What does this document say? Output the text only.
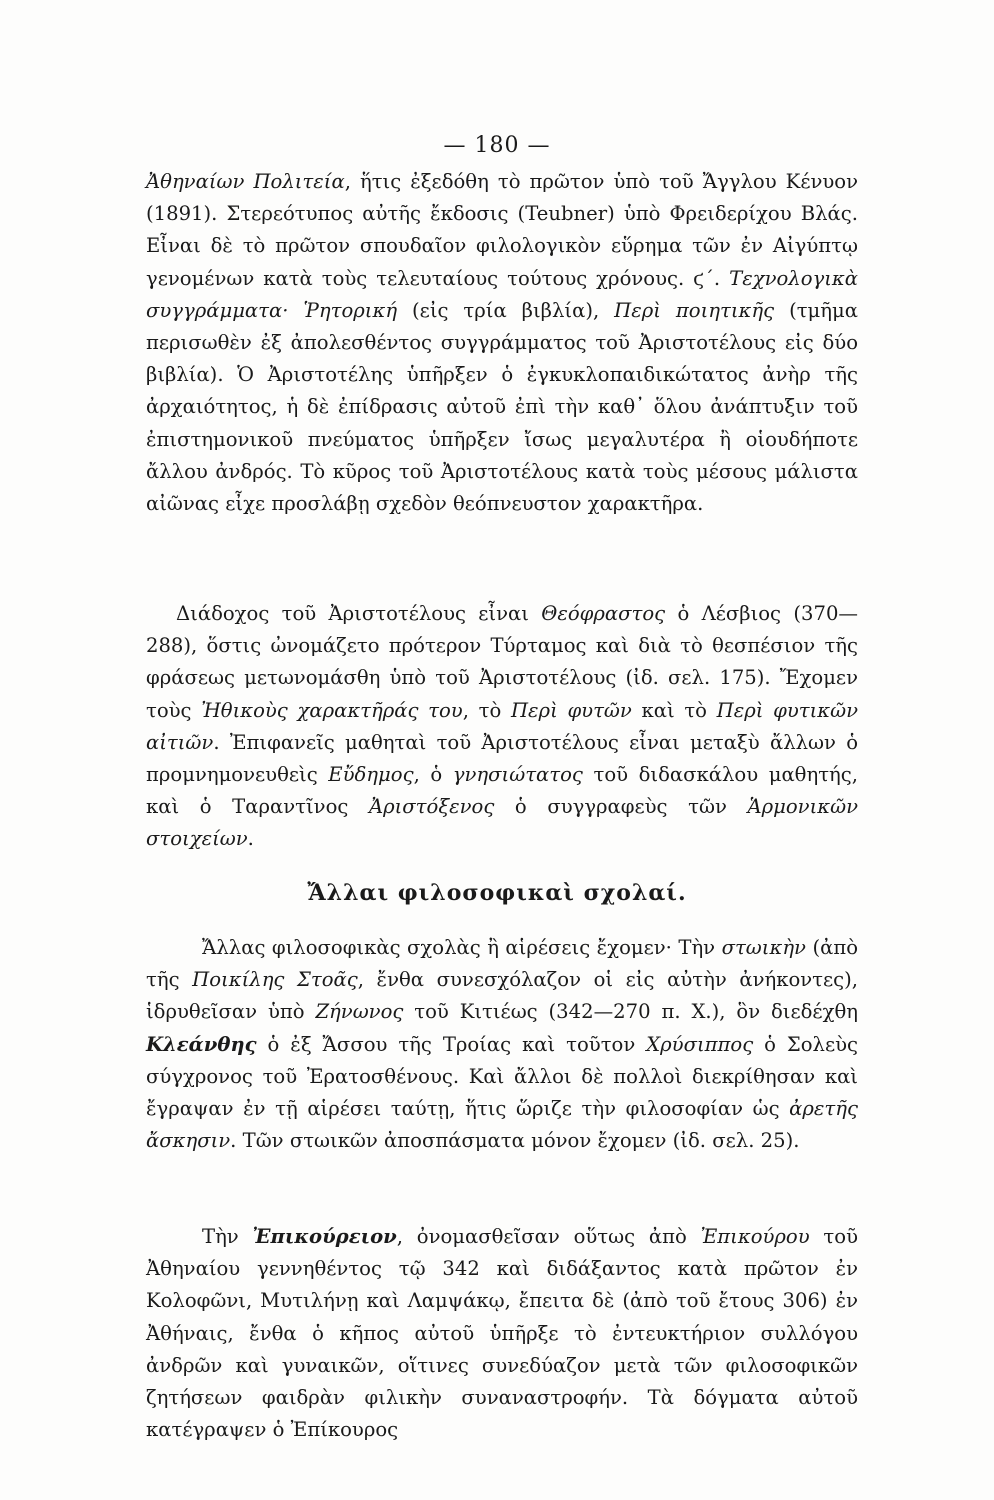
— 180 —
Ἀθηναίων Πολιτεία, ἥτις ἐξεδόθη τὸ πρῶτον ὑπὸ τοῦ Ἄγγλου Κένυον (1891). Στερεότυπος αὐτῆς ἔκδοσις (Teubner) ὑπὸ Φρειδερίχου Βλάς. Εἶναι δὲ τὸ πρῶτον σπουδαῖον φιλολογικὸν εὕρημα τῶν ἐν Αἰγύπτῳ γενομένων κατὰ τοὺς τελευταίους τούτους χρόνους. ϛ΄. Τεχνολογικὰ συγγράμματα· Ῥητορική (εἰς τρία βιβλία), Περὶ ποιητικῆς (τμῆμα περισωθὲν ἐξ ἀπολεσθέντος συγγράμματος τοῦ Ἀριστοτέλους εἰς δύο βιβλία). Ὁ Ἀριστοτέλης ὑπῆρξεν ὁ ἐγκυκλοπαιδικώτατος ἀνὴρ τῆς ἀρχαιότητος, ἡ δὲ ἐπίδρασις αὐτοῦ ἐπὶ τὴν καθ᾽ ὅλου ἀνάπτυξιν τοῦ ἐπιστημονικοῦ πνεύματος ὑπῆρξεν ἴσως μεγαλυτέρα ἢ οἱουδήποτε ἄλλου ἀνδρός. Τὸ κῦρος τοῦ Ἀριστοτέλους κατὰ τοὺς μέσους μάλιστα αἰῶνας εἶχε προσλάβῃ σχεδὸν θεόπνευστον χαρακτῆρα.
Διάδοχος τοῦ Ἀριστοτέλους εἶναι Θεόφραστος ὁ Λέσβιος (370—288), ὅστις ὠνομάζετο πρότερον Τύρταμος καὶ διὰ τὸ θεσπέσιον τῆς φράσεως μετωνομάσθη ὑπὸ τοῦ Ἀριστοτέλους (ἰδ. σελ. 175). Ἔχομεν τοὺς Ἠθικοὺς χαρακτῆράς του, τὸ Περὶ φυτῶν καὶ τὸ Περὶ φυτικῶν αἰτιῶν. Ἐπιφανεῖς μαθηταὶ τοῦ Ἀριστοτέλους εἶναι μεταξὺ ἄλλων ὁ προμνημονευθεὶς Εὔδημος, ὁ γνησιώτατος τοῦ διδασκάλου μαθητής, καὶ ὁ Ταραντῖνος Ἀριστόξενος ὁ συγγραφεὺς τῶν Ἁρμονικῶν στοιχείων.
Ἄλλαι φιλοσοφικαὶ σχολαί.
Ἄλλας φιλοσοφικὰς σχολὰς ἢ αἱρέσεις ἔχομεν· Τὴν στωικὴν (ἀπὸ τῆς Ποικίλης Στοᾶς, ἔνθα συνεσχόλαζον οἱ εἰς αὐτὴν ἀνήκοντες), ἱδρυθεῖσαν ὑπὸ Ζήνωνος τοῦ Κιτιέως (342—270 π. Χ.), ὃν διεδέχθη Κλεάνθης ὁ ἐξ Ἄσσου τῆς Τροίας καὶ τοῦτον Χρύσιππος ὁ Σολεὺς σύγχρονος τοῦ Ἐρατοσθένους. Καὶ ἄλλοι δὲ πολλοὶ διεκρίθησαν καὶ ἔγραψαν ἐν τῇ αἱρέσει ταύτῃ, ἥτις ὥριζε τὴν φιλοσοφίαν ὡς ἀρετῆς ἄσκησιν. Τῶν στωικῶν ἀποσπάσματα μόνον ἔχομεν (ἰδ. σελ. 25).
Τὴν Ἐπικούρειον, ὀνομασθεῖσαν οὕτως ἀπὸ Ἐπικούρου τοῦ Ἀθηναίου γεννηθέντος τῷ 342 καὶ διδάξαντος κατὰ πρῶτον ἐν Κολοφῶνι, Μυτιλήνῃ καὶ Λαμψάκῳ, ἔπειτα δὲ (ἀπὸ τοῦ ἔτους 306) ἐν Ἀθήναις, ἔνθα ὁ κῆπος αὐτοῦ ὑπῆρξε τὸ ἐντευκτήριον συλλόγου ἀνδρῶν καὶ γυναικῶν, οἵτινες συνεδύαζον μετὰ τῶν φιλοσοφικῶν ζητήσεων φαιδρὰν φιλικὴν συναναστροφήν. Τὰ δόγματα αὐτοῦ κατέγραψεν ὁ Ἐπίκουρος
